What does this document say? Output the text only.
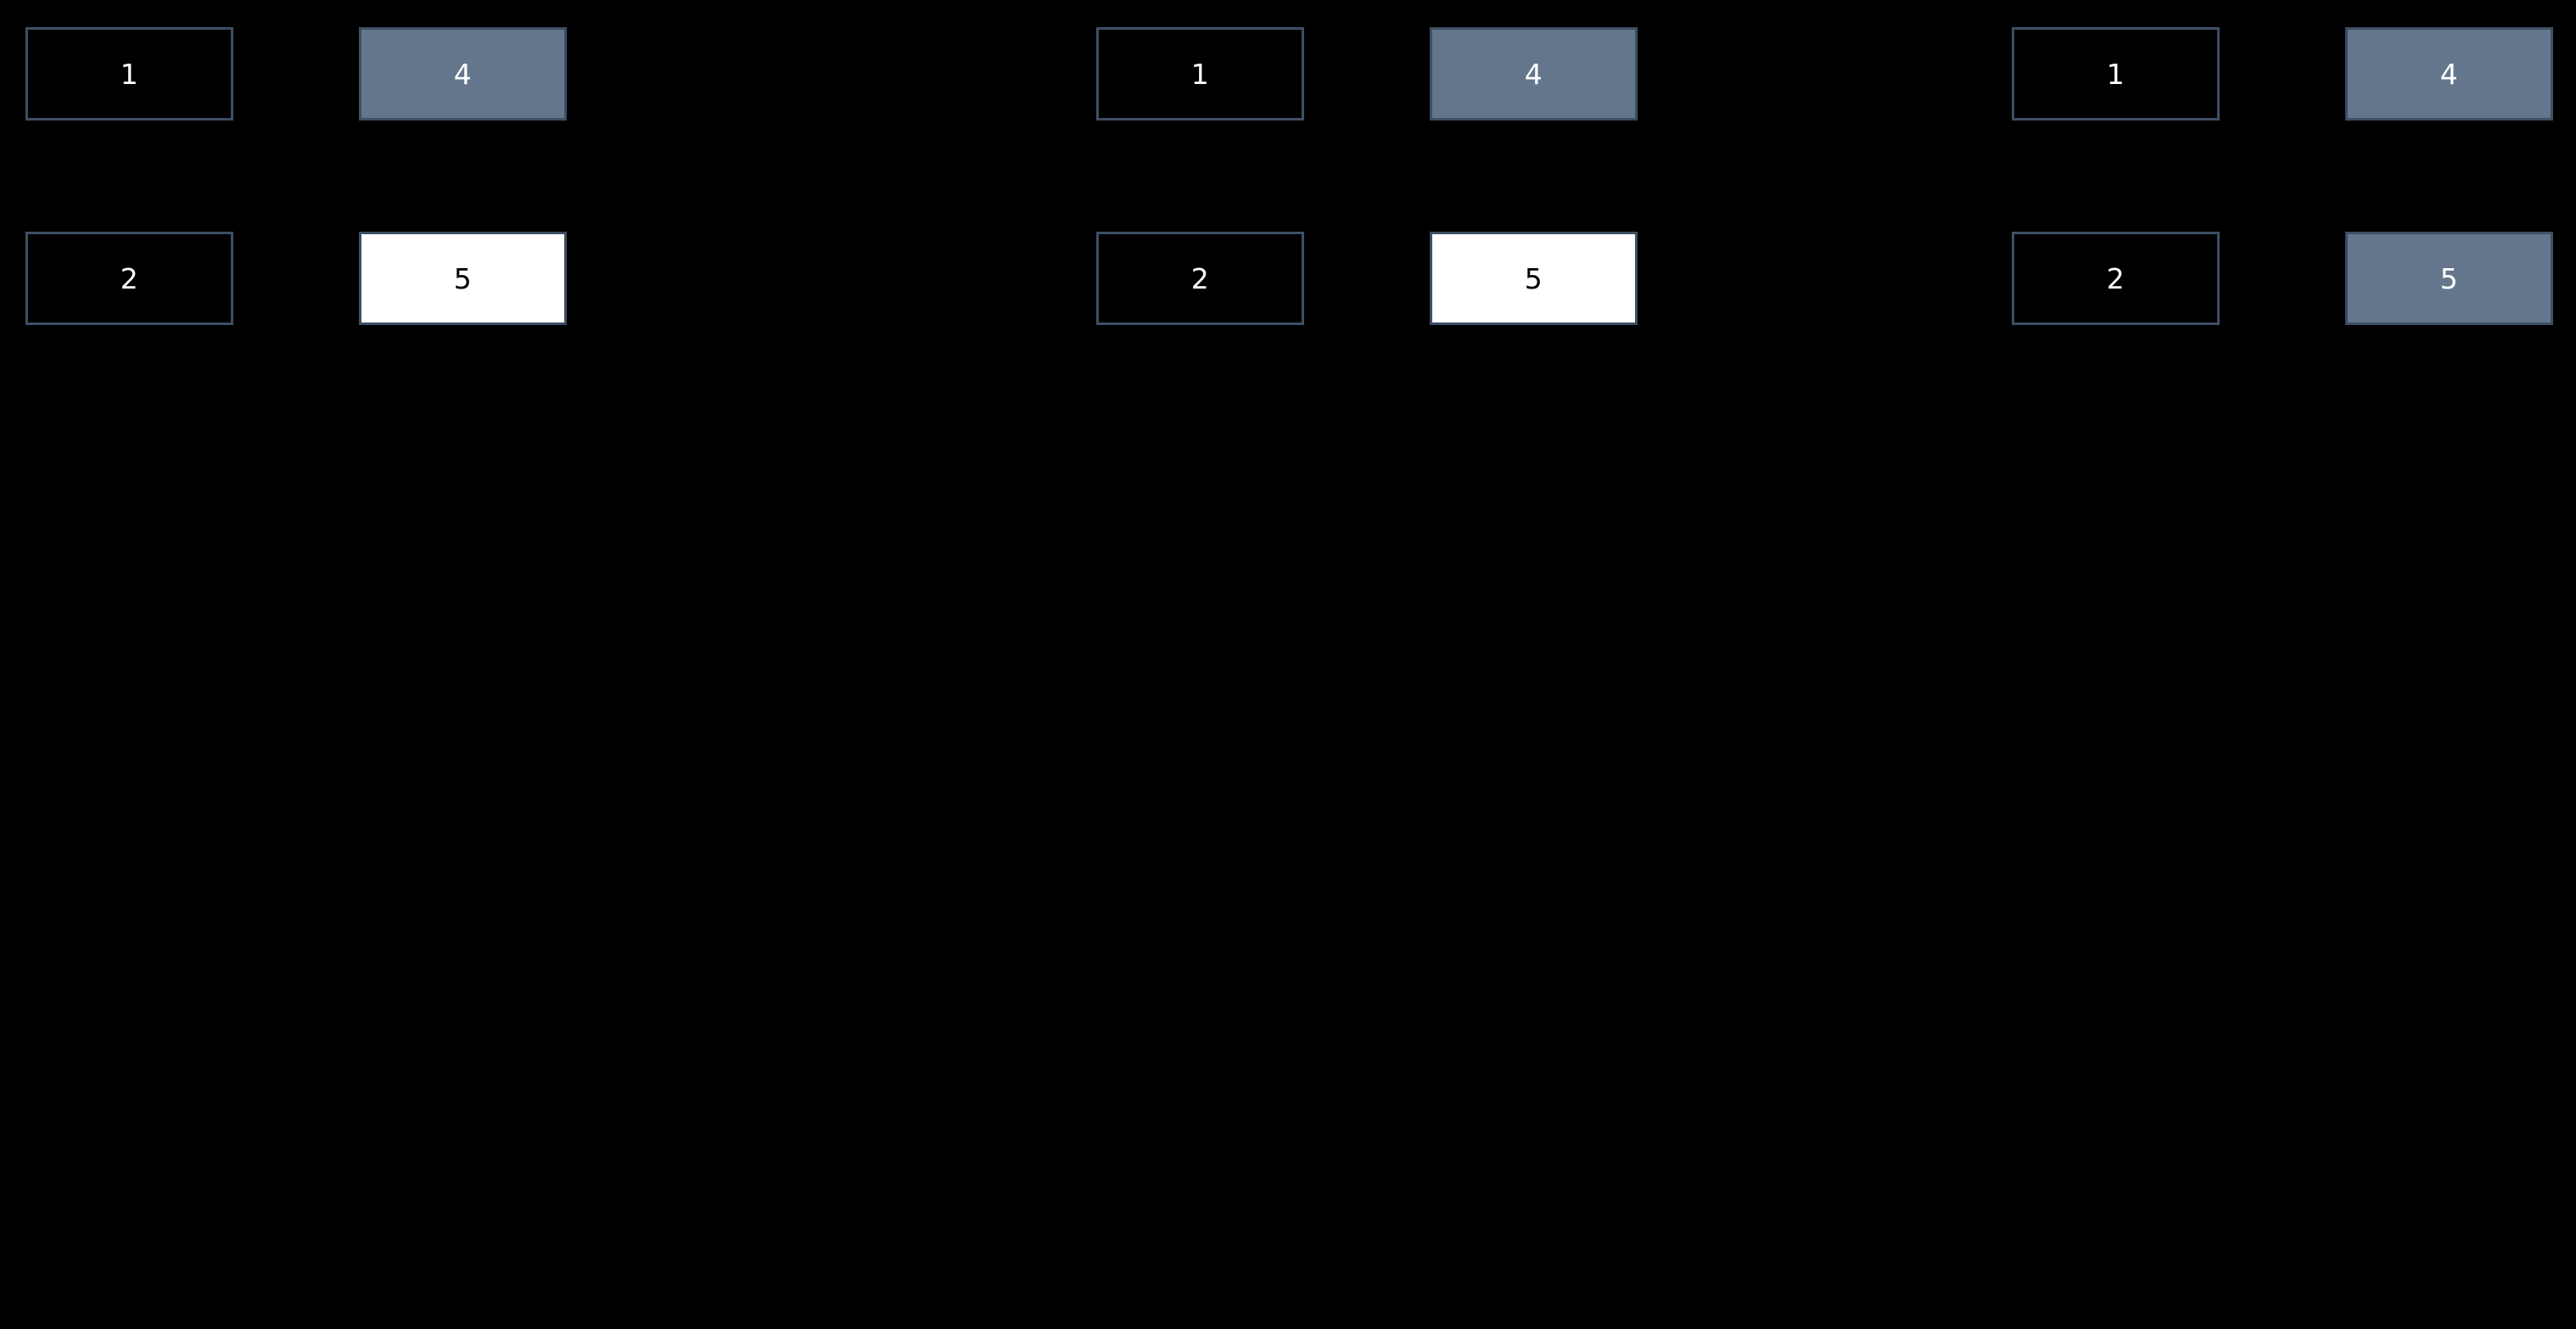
1	4
2	5
1	4
2	5
1	4
2	5
